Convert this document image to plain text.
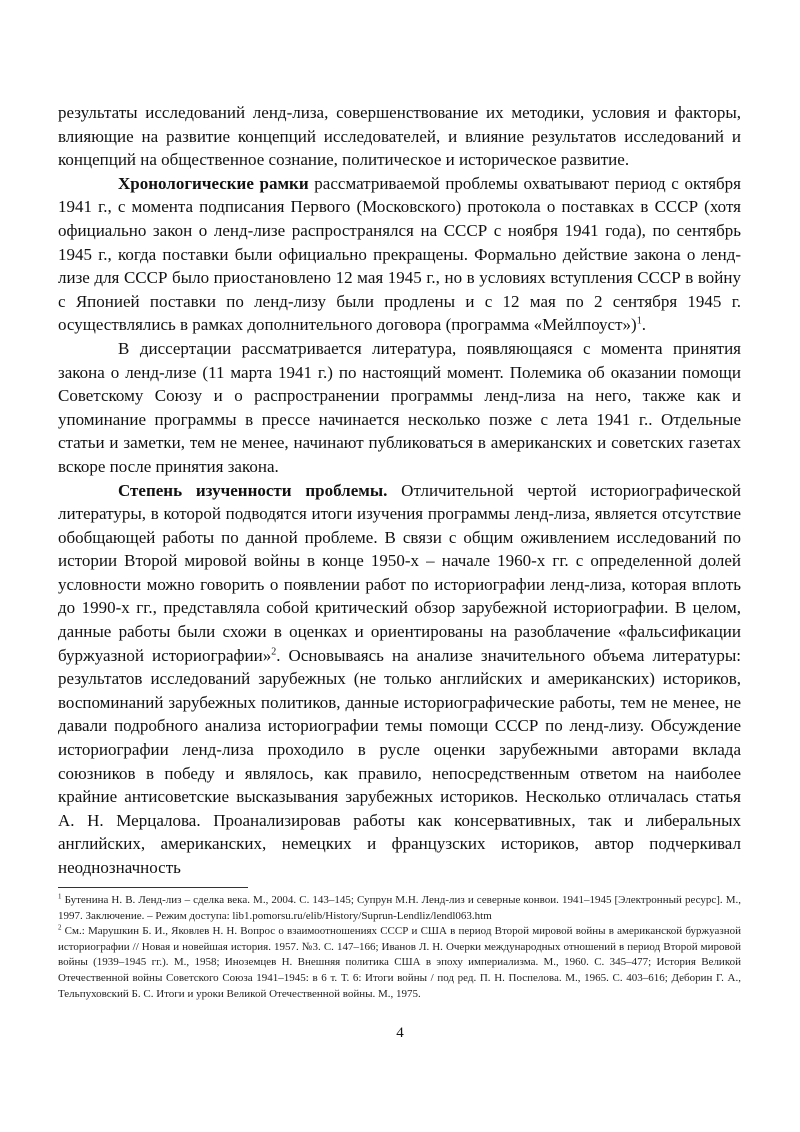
результаты исследований ленд-лиза, совершенствование их методики, условия и факторы, влияющие на развитие концепций исследователей, и влияние результатов исследований и концепций на общественное сознание, политическое и историческое развитие.

Хронологические рамки рассматриваемой проблемы охватывают период с октября 1941 г., с момента подписания Первого (Московского) протокола о поставках в СССР (хотя официально закон о ленд-лизе распространялся на СССР с ноября 1941 года), по сентябрь 1945 г., когда поставки были официально прекращены. Формально действие закона о ленд-лизе для СССР было приостановлено 12 мая 1945 г., но в условиях вступления СССР в войну с Японией поставки по ленд-лизу были продлены и с 12 мая по 2 сентября 1945 г. осуществлялись в рамках дополнительного договора (программа «Мейлпоуст»)$^1$.

В диссертации рассматривается литература, появляющаяся с момента принятия закона о ленд-лизе (11 марта 1941 г.) по настоящий момент. Полемика об оказании помощи Советскому Союзу и о распространении программы ленд-лиза на него, также как и упоминание программы в прессе начинается несколько позже с лета 1941 г.. Отдельные статьи и заметки, тем не менее, начинают публиковаться в американских и советских газетах вскоре после принятия закона.

Степень изученности проблемы. Отличительной чертой историографической литературы, в которой подводятся итоги изучения программы ленд-лиза, является отсутствие обобщающей работы по данной проблеме. В связи с общим оживлением исследований по истории Второй мировой войны в конце 1950-х – начале 1960-х гг. с определенной долей условности можно говорить о появлении работ по историографии ленд-лиза, которая вплоть до 1990-х гг., представляла собой критический обзор зарубежной историографии. В целом, данные работы были схожи в оценках и ориентированы на разоблачение «фальсификации буржуазной историографии»$^2$. Основываясь на анализе значительного объема литературы: результатов исследований зарубежных (не только английских и американских) историков, воспоминаний зарубежных политиков, данные историографические работы, тем не менее, не давали подробного анализа историографии темы помощи СССР по ленд-лизу. Обсуждение историографии ленд-лиза проходило в русле оценки зарубежными авторами вклада союзников в победу и являлось, как правило, непосредственным ответом на наиболее крайние антисоветские высказывания зарубежных историков. Несколько отличалась статья А. Н. Мерцалова. Проанализировав работы как консервативных, так и либеральных английских, американских, немецких и французских историков, автор подчеркивал неоднозначность

$^1$ Бутенина Н. В. Ленд-лиз – сделка века. М., 2004. С. 143–145; Супрун М.Н. Ленд-лиз и северные конвои. 1941–1945 [Электронный ресурс]. М., 1997. Заключение. – Режим доступа: lib1.pomorsu.ru/elib/History/Suprun-Lendliz/lendl063.htm

$^2$ См.: Марушкин Б. И., Яковлев Н. Н. Вопрос о взаимоотношениях СССР и США в период Второй мировой войны в американской буржуазной историографии // Новая и новейшая история. 1957. №3. С. 147–166; Иванов Л. Н. Очерки международных отношений в период Второй мировой войны (1939–1945 гг.). М., 1958; Иноземцев Н. Внешняя политика США в эпоху империализма. М., 1960. С. 345–477; История Великой Отечественной войны Советского Союза 1941–1945: в 6 т. Т. 6: Итоги войны / под ред. П. Н. Поспелова. М., 1965. С. 403–616; Деборин Г. А., Тельпуховский Б. С. Итоги и уроки Великой Отечественной войны. М., 1975.

4
